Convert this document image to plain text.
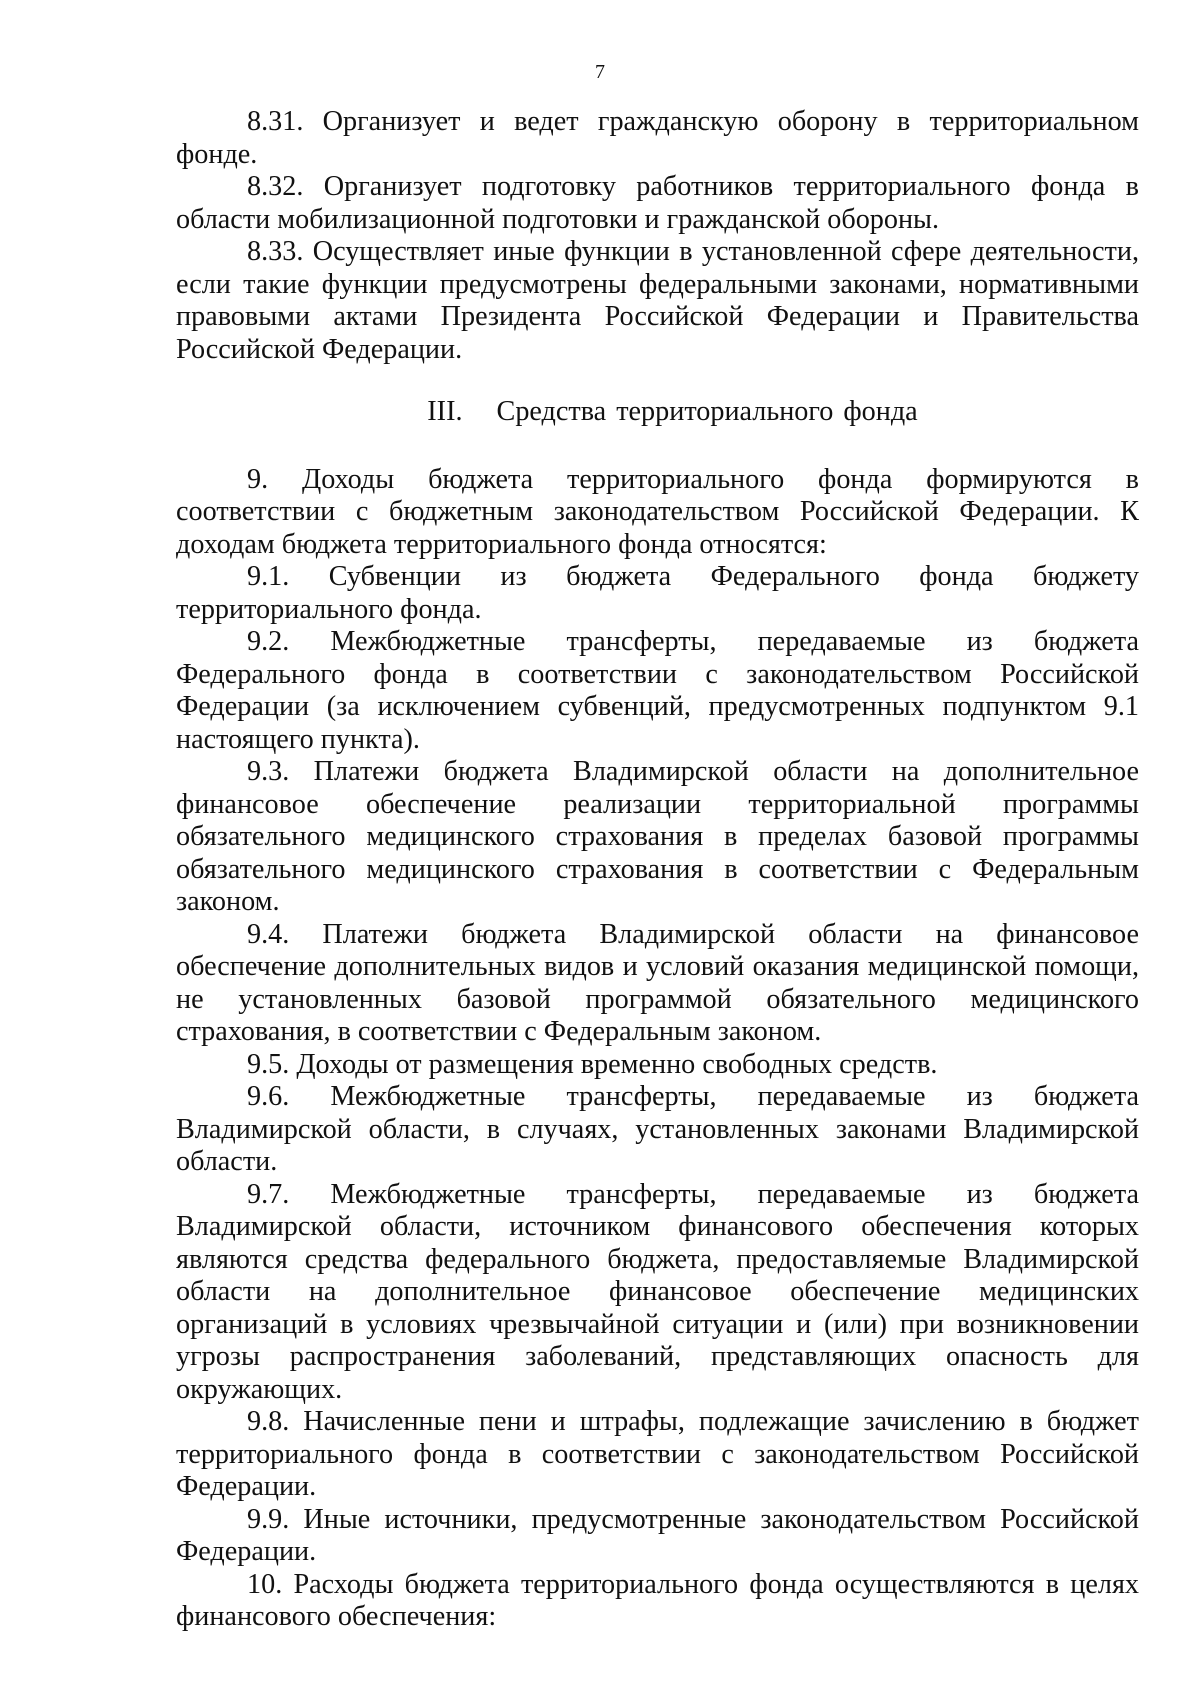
7

8.31. Организует и ведет гражданскую оборону в территориальном фонде.

8.32. Организует подготовку работников территориального фонда в области мобилизационной подготовки и гражданской обороны.

8.33. Осуществляет иные функции в установленной сфере деятельности, если такие функции предусмотрены федеральными законами, нормативными правовыми актами Президента Российской Федерации и Правительства Российской Федерации.

III. Средства территориального фонда

9. Доходы бюджета территориального фонда формируются в соответствии с бюджетным законодательством Российской Федерации. К доходам бюджета территориального фонда относятся:

9.1. Субвенции из бюджета Федерального фонда бюджету территориального фонда.

9.2. Межбюджетные трансферты, передаваемые из бюджета Федерального фонда в соответствии с законодательством Российской Федерации (за исключением субвенций, предусмотренных подпунктом 9.1 настоящего пункта).

9.3. Платежи бюджета Владимирской области на дополнительное финансовое обеспечение реализации территориальной программы обязательного медицинского страхования в пределах базовой программы обязательного медицинского страхования в соответствии с Федеральным законом.

9.4. Платежи бюджета Владимирской области на финансовое обеспечение дополнительных видов и условий оказания медицинской помощи, не установленных базовой программой обязательного медицинского страхования, в соответствии с Федеральным законом.

9.5. Доходы от размещения временно свободных средств.

9.6. Межбюджетные трансферты, передаваемые из бюджета Владимирской области, в случаях, установленных законами Владимирской области.

9.7. Межбюджетные трансферты, передаваемые из бюджета Владимирской области, источником финансового обеспечения которых являются средства федерального бюджета, предоставляемые Владимирской области на дополнительное финансовое обеспечение медицинских организаций в условиях чрезвычайной ситуации и (или) при возникновении угрозы распространения заболеваний, представляющих опасность для окружающих.

9.8. Начисленные пени и штрафы, подлежащие зачислению в бюджет территориального фонда в соответствии с законодательством Российской Федерации.

9.9. Иные источники, предусмотренные законодательством Российской Федерации.

10. Расходы бюджета территориального фонда осуществляются в целях финансового обеспечения:
